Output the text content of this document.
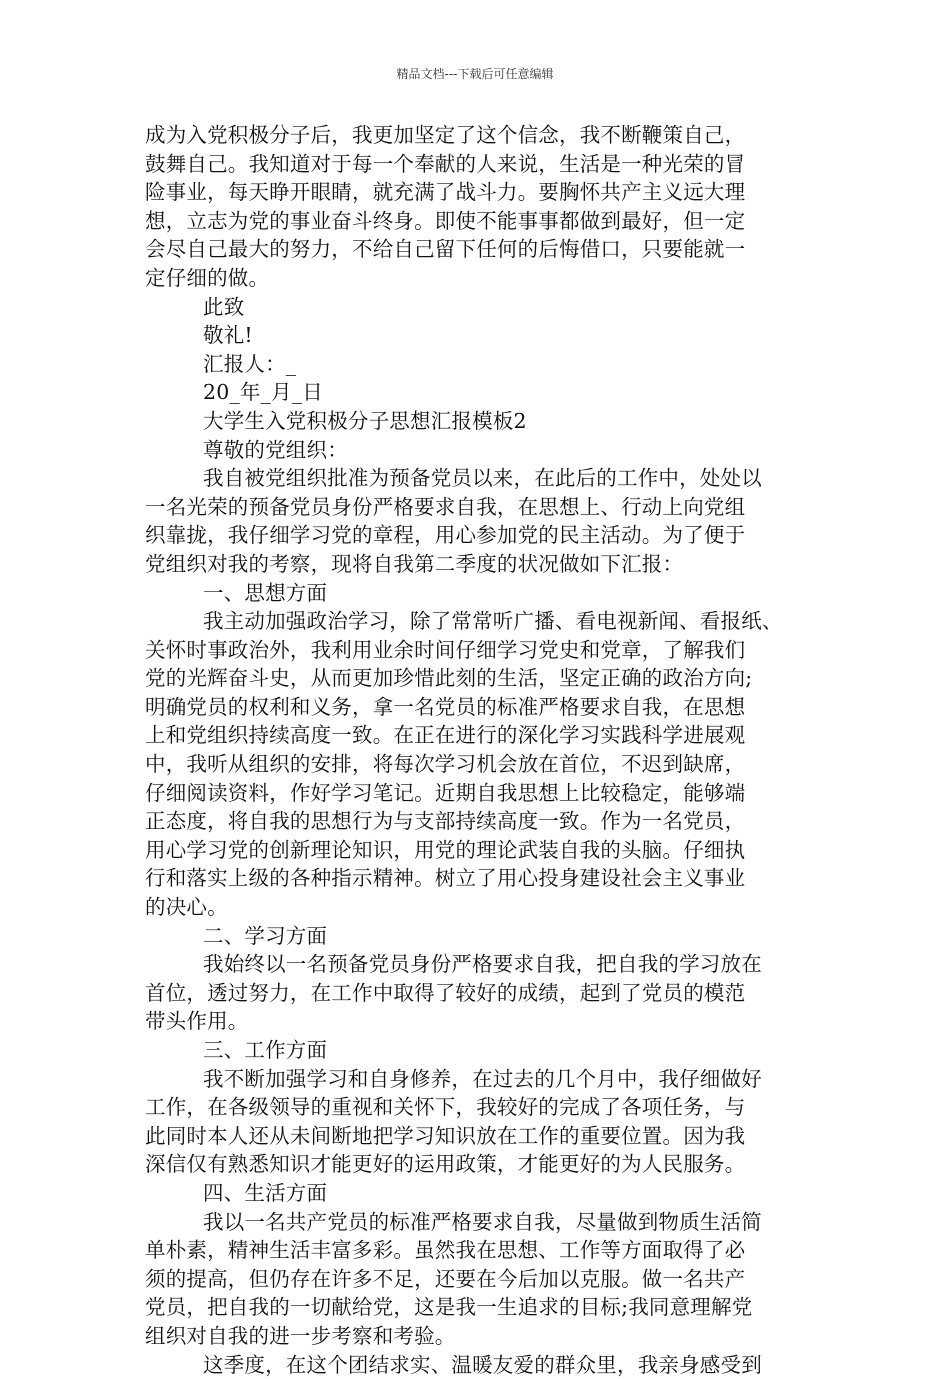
精品文档---下载后可任意编辑
成为入党积极分子后，我更加坚定了这个信念，我不断鞭策自己，
鼓舞自己。我知道对于每一个奉献的人来说，生活是一种光荣的冒
险事业，每天睁开眼睛，就充满了战斗力。要胸怀共产主义远大理
想，立志为党的事业奋斗终身。即使不能事事都做到最好，但一定
会尽自己最大的努力，不给自己留下任何的后悔借口，只要能就一
定仔细的做。
此致
敬礼!
汇报人：_
20_年_月_日
大学生入党积极分子思想汇报模板2
尊敬的党组织：
我自被党组织批准为预备党员以来，在此后的工作中，处处以
一名光荣的预备党员身份严格要求自我，在思想上、行动上向党组
织靠拢，我仔细学习党的章程，用心参加党的民主活动。为了便于
党组织对我的考察，现将自我第二季度的状况做如下汇报：
一、思想方面
我主动加强政治学习，除了常常听广播、看电视新闻、看报纸、
关怀时事政治外，我利用业余时间仔细学习党史和党章，了解我们
党的光辉奋斗史，从而更加珍惜此刻的生活，坚定正确的政治方向;
明确党员的权利和义务，拿一名党员的标准严格要求自我，在思想
上和党组织持续高度一致。在正在进行的深化学习实践科学进展观
中，我听从组织的安排，将每次学习机会放在首位，不迟到缺席，
仔细阅读资料，作好学习笔记。近期自我思想上比较稳定，能够端
正态度，将自我的思想行为与支部持续高度一致。作为一名党员，
用心学习党的创新理论知识，用党的理论武装自我的头脑。仔细执
行和落实上级的各种指示精神。树立了用心投身建设社会主义事业
的决心。
二、学习方面
我始终以一名预备党员身份严格要求自我，把自我的学习放在
首位，透过努力，在工作中取得了较好的成绩，起到了党员的模范
带头作用。
三、工作方面
我不断加强学习和自身修养，在过去的几个月中，我仔细做好
工作，在各级领导的重视和关怀下，我较好的完成了各项任务，与
此同时本人还从未间断地把学习知识放在工作的重要位置。因为我
深信仅有熟悉知识才能更好的运用政策，才能更好的为人民服务。
四、生活方面
我以一名共产党员的标准严格要求自我，尽量做到物质生活简
单朴素，精神生活丰富多彩。虽然我在思想、工作等方面取得了必
须的提高，但仍存在许多不足，还要在今后加以克服。做一名共产
党员，把自我的一切献给党，这是我一生追求的目标;我同意理解党
组织对自我的进一步考察和考验。
这季度，在这个团结求实、温暖友爱的群众里，我亲身感受到
